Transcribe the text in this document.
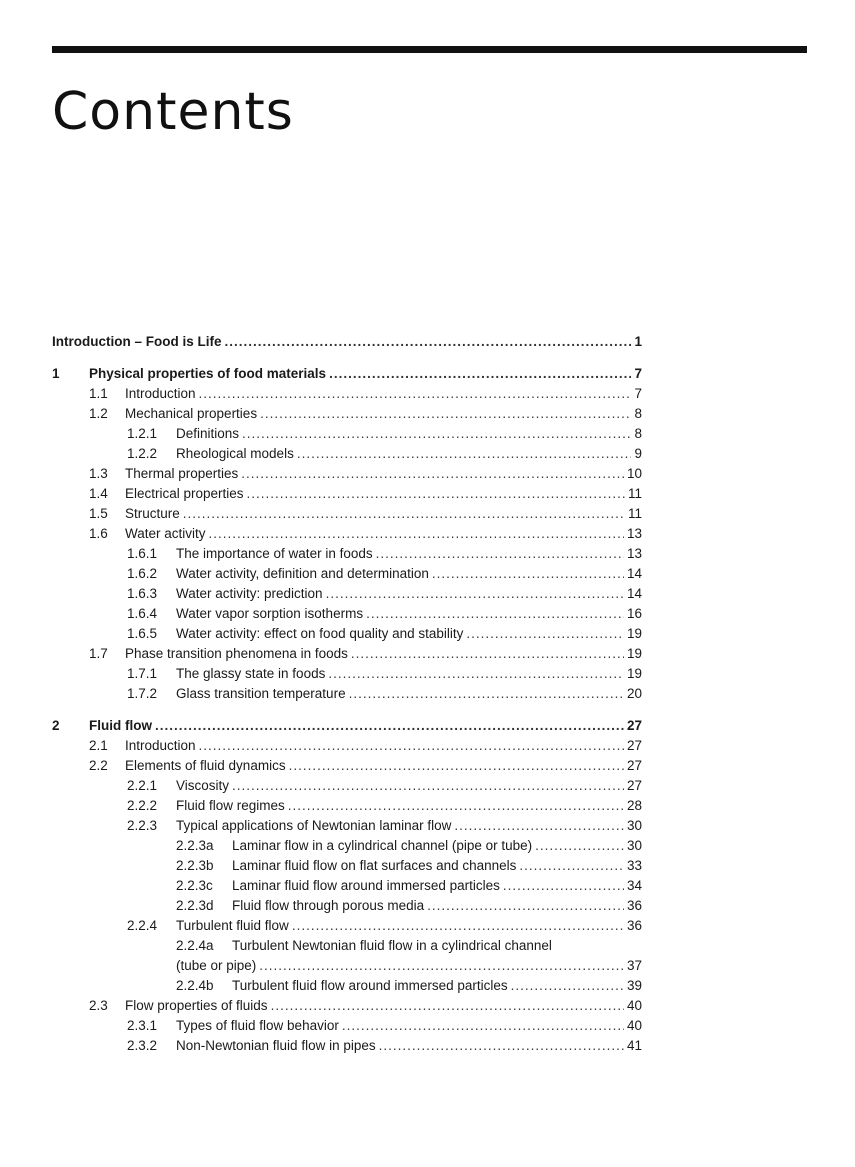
Contents
Introduction – Food is Life .....	1
1	Physical properties of food materials .....	7
1.1	Introduction .....	7
1.2	Mechanical properties .....	8
1.2.1	Definitions .....	8
1.2.2	Rheological models .....	9
1.3	Thermal properties .....	10
1.4	Electrical properties .....	11
1.5	Structure .....	11
1.6	Water activity .....	13
1.6.1	The importance of water in foods .....	13
1.6.2	Water activity, definition and determination .....	14
1.6.3	Water activity: prediction .....	14
1.6.4	Water vapor sorption isotherms .....	16
1.6.5	Water activity: effect on food quality and stability .....	19
1.7	Phase transition phenomena in foods .....	19
1.7.1	The glassy state in foods .....	19
1.7.2	Glass transition temperature .....	20
2	Fluid flow .....	27
2.1	Introduction .....	27
2.2	Elements of fluid dynamics .....	27
2.2.1	Viscosity .....	27
2.2.2	Fluid flow regimes .....	28
2.2.3	Typical applications of Newtonian laminar flow .....	30
2.2.3a	Laminar flow in a cylindrical channel (pipe or tube) .....	30
2.2.3b	Laminar fluid flow on flat surfaces and channels .....	33
2.2.3c	Laminar fluid flow around immersed particles .....	34
2.2.3d	Fluid flow through porous media .....	36
2.2.4	Turbulent fluid flow .....	36
2.2.4a	Turbulent Newtonian fluid flow in a cylindrical channel
(tube or pipe) .....	37
2.2.4b	Turbulent fluid flow around immersed particles .....	39
2.3	Flow properties of fluids .....	40
2.3.1	Types of fluid flow behavior .....	40
2.3.2	Non-Newtonian fluid flow in pipes .....	41
